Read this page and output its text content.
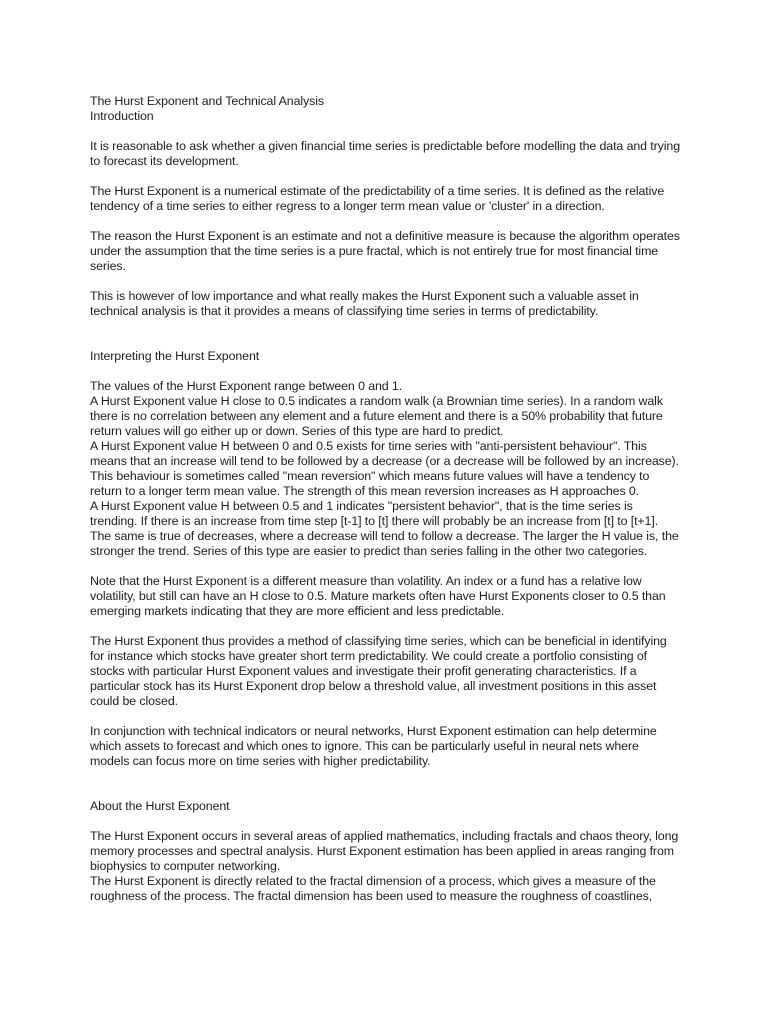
The Hurst Exponent and Technical Analysis
Introduction

It is reasonable to ask whether a given financial time series is predictable before modelling the data and trying to forecast its development.

The Hurst Exponent is a numerical estimate of the predictability of a time series. It is defined as the relative tendency of a time series to either regress to a longer term mean value or 'cluster' in a direction.

The reason the Hurst Exponent is an estimate and not a definitive measure is because the algorithm operates under the assumption that the time series is a pure fractal, which is not entirely true for most financial time series.

This is however of low importance and what really makes the Hurst Exponent such a valuable asset in technical analysis is that it provides a means of classifying time series in terms of predictability.

Interpreting the Hurst Exponent

The values of the Hurst Exponent range between 0 and 1.
A Hurst Exponent value H close to 0.5 indicates a random walk (a Brownian time series). In a random walk there is no correlation between any element and a future element and there is a 50% probability that future return values will go either up or down. Series of this type are hard to predict.
A Hurst Exponent value H between 0 and 0.5 exists for time series with "anti-persistent behaviour". This means that an increase will tend to be followed by a decrease (or a decrease will be followed by an increase). This behaviour is sometimes called "mean reversion" which means future values will have a tendency to return to a longer term mean value. The strength of this mean reversion increases as H approaches 0.
A Hurst Exponent value H between 0.5 and 1 indicates "persistent behavior", that is the time series is trending. If there is an increase from time step [t-1] to [t] there will probably be an increase from [t] to [t+1]. The same is true of decreases, where a decrease will tend to follow a decrease. The larger the H value is, the stronger the trend. Series of this type are easier to predict than series falling in the other two categories.

Note that the Hurst Exponent is a different measure than volatility. An index or a fund has a relative low volatility, but still can have an H close to 0.5. Mature markets often have Hurst Exponents closer to 0.5 than emerging markets indicating that they are more efficient and less predictable.

The Hurst Exponent thus provides a method of classifying time series, which can be beneficial in identifying for instance which stocks have greater short term predictability. We could create a portfolio consisting of stocks with particular Hurst Exponent values and investigate their profit generating characteristics. If a particular stock has its Hurst Exponent drop below a threshold value, all investment positions in this asset could be closed.

In conjunction with technical indicators or neural networks, Hurst Exponent estimation can help determine which assets to forecast and which ones to ignore. This can be particularly useful in neural nets where models can focus more on time series with higher predictability.

About the Hurst Exponent

The Hurst Exponent occurs in several areas of applied mathematics, including fractals and chaos theory, long memory processes and spectral analysis. Hurst Exponent estimation has been applied in areas ranging from biophysics to computer networking.
The Hurst Exponent is directly related to the fractal dimension of a process, which gives a measure of the roughness of the process. The fractal dimension has been used to measure the roughness of coastlines,
